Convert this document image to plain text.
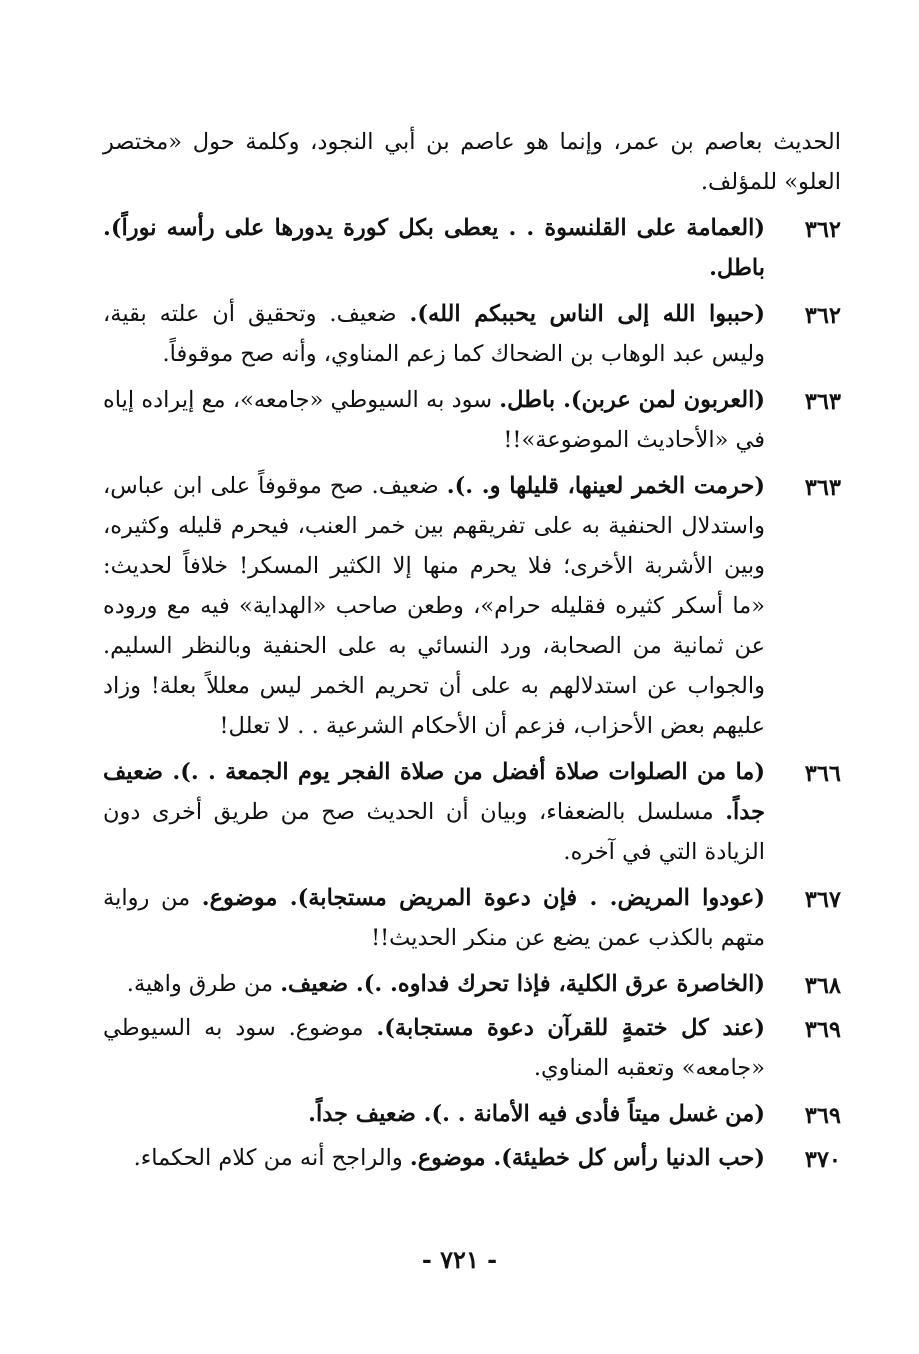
الحديث بعاصم بن عمر، وإنما هو عاصم بن أبي النجود، وكلمة حول «مختصر العلو» للمؤلف.

٣٦٢
(العمامة على القلنسوة . . يعطى بكل كورة يدورها على رأسه نوراً). باطل.
٣٦٢
(حببوا الله إلى الناس يحببكم الله). ضعيف. وتحقيق أن علته بقية، وليس عبد الوهاب بن الضحاك كما زعم المناوي، وأنه صح موقوفاً.
٣٦٣
(العربون لمن عربن). باطل. سود به السيوطي «جامعه»، مع إيراده إياه في «الأحاديث الموضوعة»!!
٣٦٣
(حرمت الخمر لعينها، قليلها و. .). ضعيف. صح موقوفاً على ابن عباس، واستدلال الحنفية به على تفريقهم بين خمر العنب، فيحرم قليله وكثيره، وبين الأشربة الأخرى؛ فلا يحرم منها إلا الكثير المسكر! خلافاً لحديث: «ما أسكر كثيره فقليله حرام»، وطعن صاحب «الهداية» فيه مع وروده عن ثمانية من الصحابة، ورد النسائي به على الحنفية وبالنظر السليم. والجواب عن استدلالهم به على أن تحريم الخمر ليس معللاً بعلة! وزاد عليهم بعض الأحزاب، فزعم أن الأحكام الشرعية . . لا تعلل!
٣٦٦
(ما من الصلوات صلاة أفضل من صلاة الفجر يوم الجمعة . .). ضعيف جداً. مسلسل بالضعفاء، وبيان أن الحديث صح من طريق أخرى دون الزيادة التي في آخره.
٣٦٧
(عودوا المريض. . فإن دعوة المريض مستجابة). موضوع. من رواية متهم بالكذب عمن يضع عن منكر الحديث!!
٣٦٨
(الخاصرة عرق الكلية، فإذا تحرك فداوه. .). ضعيف. من طرق واهية.
٣٦٩
(عند كل ختمةٍ للقرآن دعوة مستجابة). موضوع. سود به السيوطي «جامعه» وتعقبه المناوي.
٣٦٩
(من غسل ميتاً فأدى فيه الأمانة . .). ضعيف جداً.
٣٧٠
(حب الدنيا رأس كل خطيئة). موضوع. والراجح أنه من كلام الحكماء.
- ٧٢١ -
